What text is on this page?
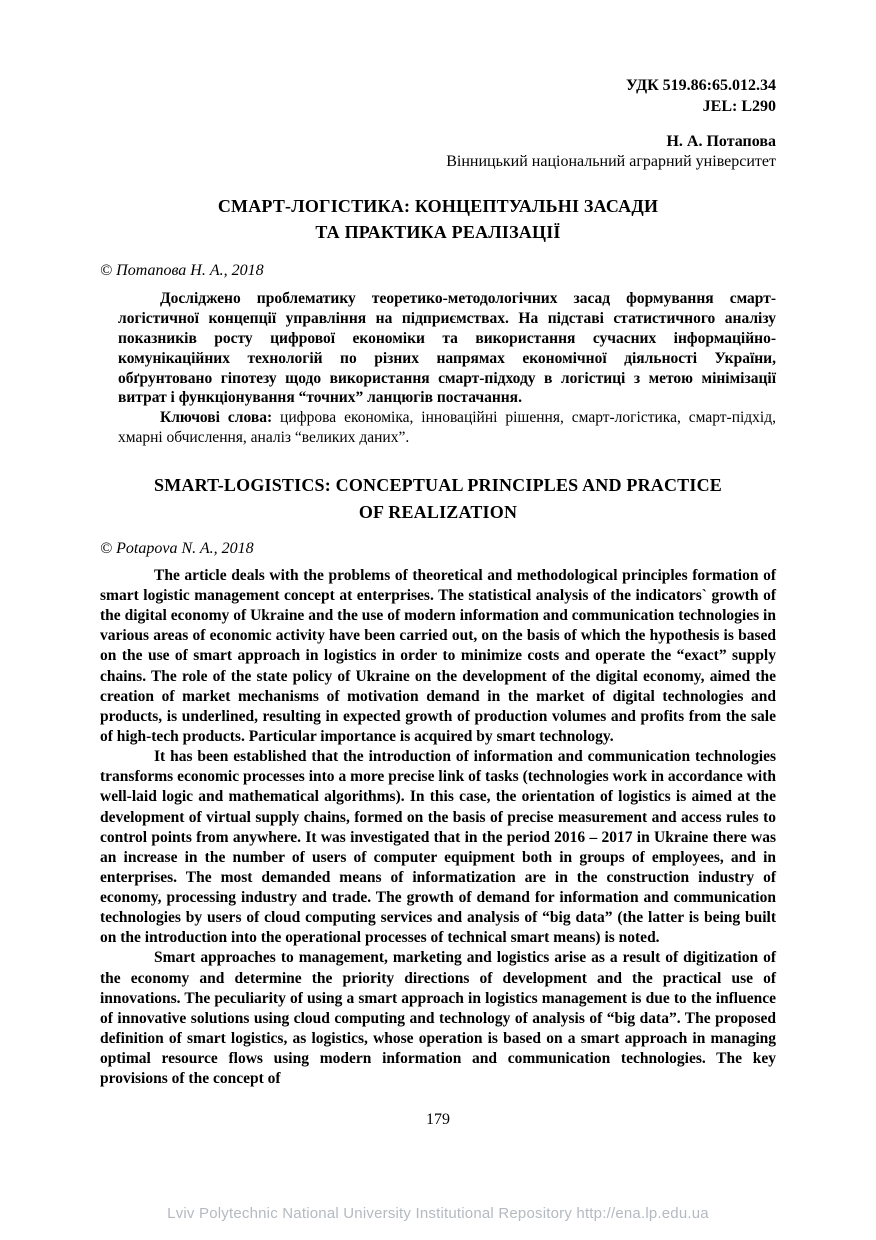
УДК 519.86:65.012.34
JEL: L290
Н. А. Потапова
Вінницький національний аграрний університет
СМАРТ-ЛОГІСТИКА: КОНЦЕПТУАЛЬНІ ЗАСАДИ
ТА ПРАКТИКА РЕАЛІЗАЦІЇ
© Потапова Н. А., 2018

Досліджено проблематику теоретико-методологічних засад формування смарт-логістичної концепції управління на підприємствах. На підставі статистичного аналізу показників росту цифрової економіки та використання сучасних інформаційно-комунікаційних технологій по різних напрямах економічної діяльності України, обґрунтовано гіпотезу щодо використання смарт-підходу в логістиці з метою мінімізації витрат і функціонування “точних” ланцюгів постачання.

Ключові слова: цифрова економіка, інноваційні рішення, смарт-логістика, смарт-підхід, хмарні обчислення, аналіз “великих даних”.

SMART-LOGISTICS: CONCEPTUAL PRINCIPLES AND PRACTICE
OF REALIZATION
© Potapova N. A., 2018

The article deals with the problems of theoretical and methodological principles formation of smart logistic management concept at enterprises. The statistical analysis of the indicators` growth of the digital economy of Ukraine and the use of modern information and communication technologies in various areas of economic activity have been carried out, on the basis of which the hypothesis is based on the use of smart approach in logistics in order to minimize costs and operate the “exact” supply chains. The role of the state policy of Ukraine on the development of the digital economy, aimed the creation of market mechanisms of motivation demand in the market of digital technologies and products, is underlined, resulting in expected growth of production volumes and profits from the sale of high-tech products. Particular importance is acquired by smart technology.

It has been established that the introduction of information and communication technologies transforms economic processes into a more precise link of tasks (technologies work in accordance with well-laid logic and mathematical algorithms). In this case, the orientation of logistics is aimed at the development of virtual supply chains, formed on the basis of precise measurement and access rules to control points from anywhere. It was investigated that in the period 2016 – 2017 in Ukraine there was an increase in the number of users of computer equipment both in groups of employees, and in enterprises. The most demanded means of informatization are in the construction industry of economy, processing industry and trade. The growth of demand for information and communication technologies by users of cloud computing services and analysis of “big data” (the latter is being built on the introduction into the operational processes of technical smart means) is noted.

Smart approaches to management, marketing and logistics arise as a result of digitization of the economy and determine the priority directions of development and the practical use of innovations. The peculiarity of using a smart approach in logistics management is due to the influence of innovative solutions using cloud computing and technology of analysis of “big data”. The proposed definition of smart logistics, as logistics, whose operation is based on a smart approach in managing optimal resource flows using modern information and communication technologies. The key provisions of the concept of

179
Lviv Polytechnic National University Institutional Repository http://ena.lp.edu.ua
